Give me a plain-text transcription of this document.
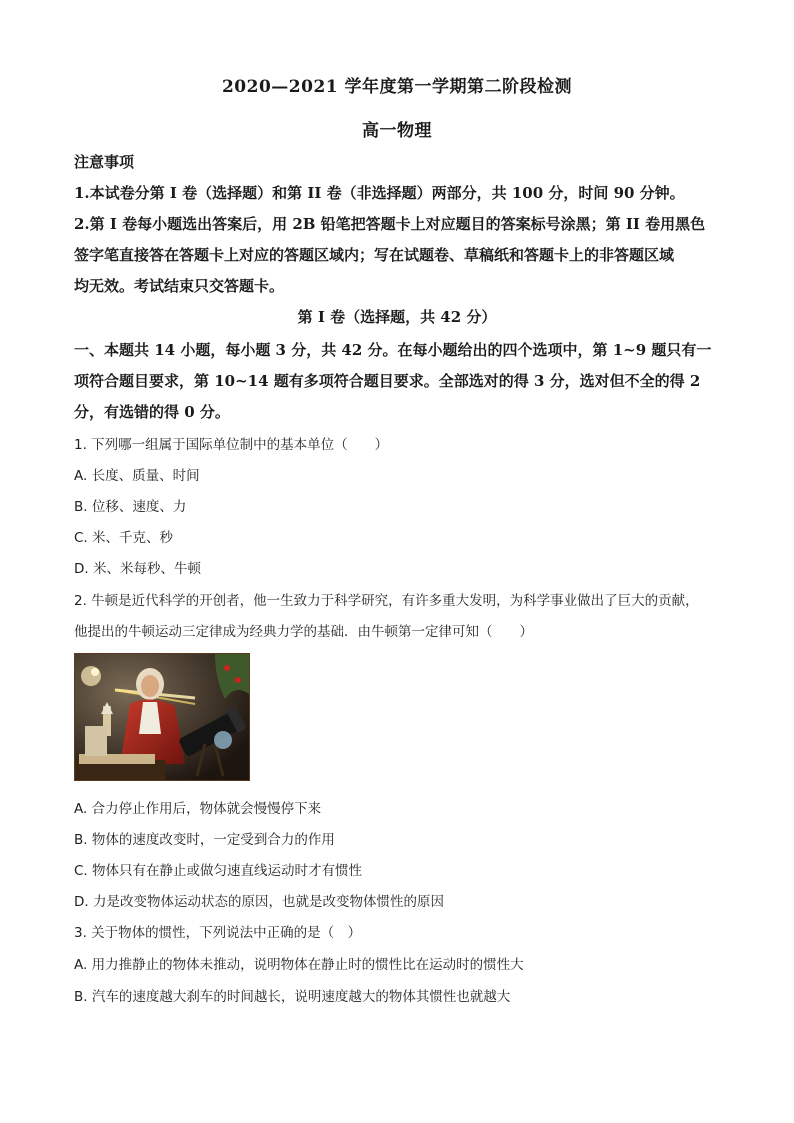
2020—2021 学年度第一学期第二阶段检测
高一物理
注意事项
1.本试卷分第 I 卷（选择题）和第 II 卷（非选择题）两部分，共 100 分，时间 90 分钟。
2.第 I 卷每小题选出答案后，用 2B 铅笔把答题卡上对应题目的答案标号涂黑；第 II 卷用黑色
签字笔直接答在答题卡上对应的答题区域内；写在试题卷、草稿纸和答题卡上的非答题区域
均无效。考试结束只交答题卡。
第 I 卷（选择题，共 42 分）
一、本题共 14 小题，每小题 3 分，共 42 分。在每小题给出的四个选项中，第 1~9 题只有一
项符合题目要求，第 10~14 题有多项符合题目要求。全部选对的得 3 分，选对但不全的得 2
分，有选错的得 0 分。
1. 下列哪一组属于国际单位制中的基本单位（　　）
A. 长度、质量、时间
B. 位移、速度、力
C. 米、千克、秒
D. 米、米每秒、牛顿
2. 牛顿是近代科学的开创者，他一生致力于科学研究，有许多重大发明，为科学事业做出了巨大的贡献，
他提出的牛顿运动三定律成为经典力学的基础．由牛顿第一定律可知（　　）
A. 合力停止作用后，物体就会慢慢停下来
B. 物体的速度改变时，一定受到合力的作用
C. 物体只有在静止或做匀速直线运动时才有惯性
D. 力是改变物体运动状态的原因，也就是改变物体惯性的原因
3. 关于物体的惯性，下列说法中正确的是（　）
A. 用力推静止的物体未推动，说明物体在静止时的惯性比在运动时的惯性大
B. 汽车的速度越大刹车的时间越长，说明速度越大的物体其惯性也就越大
